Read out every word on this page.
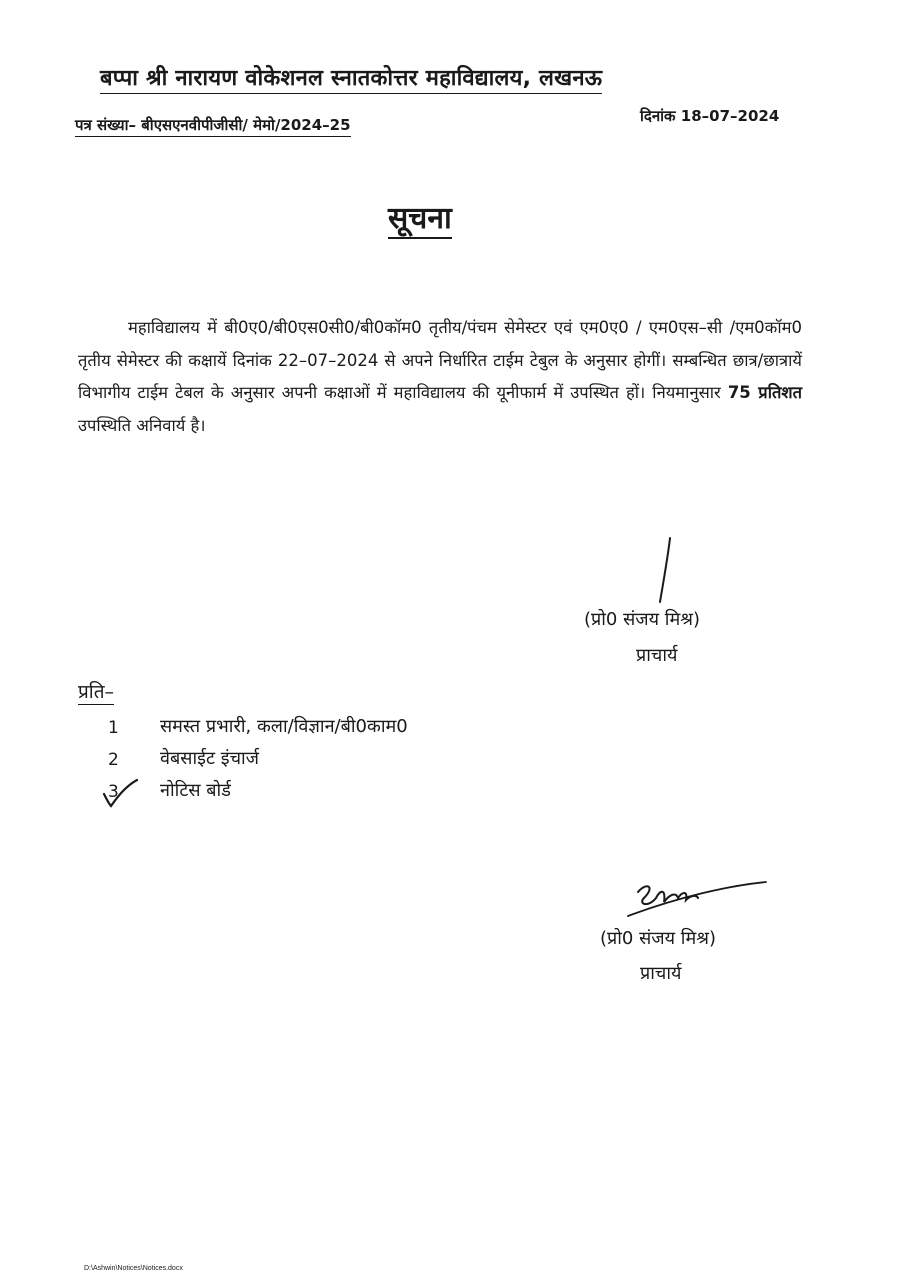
बप्पा श्री नारायण वोकेशनल स्नातकोत्तर महाविद्यालय, लखनऊ
पत्र संख्या– बीएसएनवीपीजीसी/ मेमो/2024–25	दिनांक 18–07–2024
सूचना

महाविद्यालय में बी0ए0/बी0एस0सी0/बी0कॉम0 तृतीय/पंचम सेमेस्टर एवं एम0ए0 / एम0एस–सी /एम0कॉम0 तृतीय सेमेस्टर की कक्षायें दिनांक 22–07–2024 से अपने निर्धारित टाईम टेबुल के अनुसार होगीं। सम्बन्धित छात्र/छात्रायें विभागीय टाईम टेबल के अनुसार अपनी कक्षाओं में महाविद्यालय की यूनीफार्म में उपस्थित हों। नियमानुसार 75 प्रतिशत उपस्थिति अनिवार्य है।

(प्रो0 संजय मिश्र)
प्राचार्य
प्रति–
1	समस्त प्रभारी, कला/विज्ञान/बी0काम0
2	वेबसाईट इंचार्ज
3	नोटिस बोर्ड
(प्रो0 संजय मिश्र)
प्राचार्य
D:\Ashwin\Notices\Notices.docx
